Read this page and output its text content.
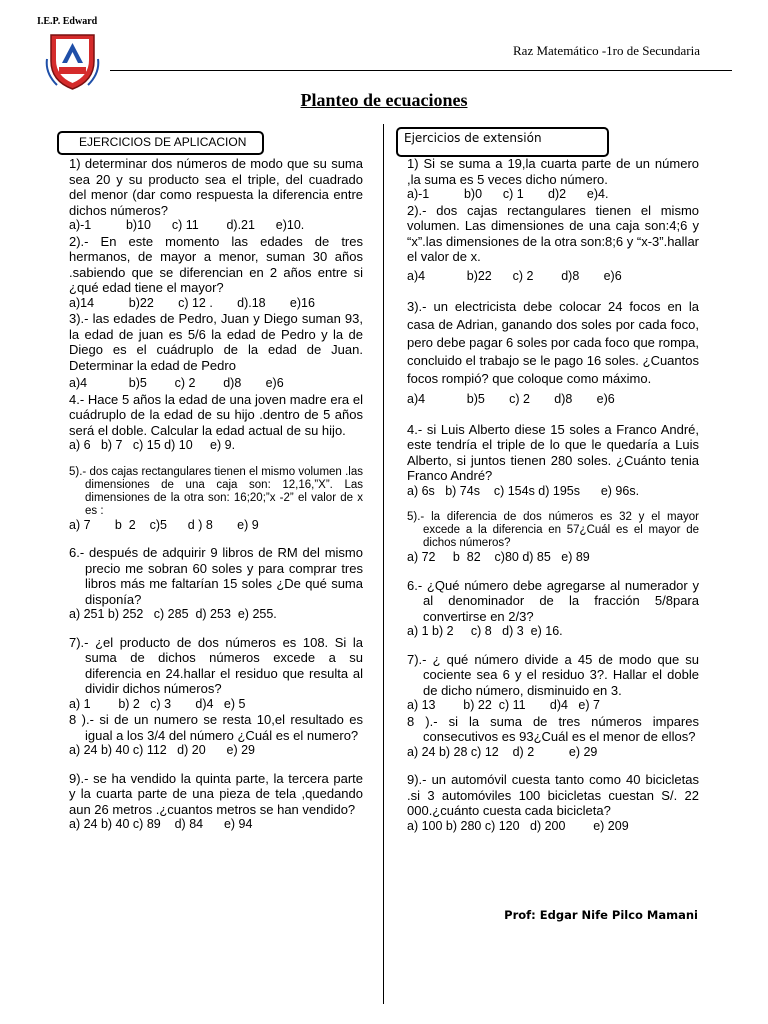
I.E.P. Edward
Raz Matemático -1ro de Secundaria
Planteo de ecuaciones
EJERCICIOS DE APLICACION

1) determinar dos números de modo que su suma sea 20 y su producto sea el triple, del cuadrado del menor (dar como respuesta la diferencia entre dichos números?

a)-1          b)10      c) 11        d).21      e)10.

2).- En este momento las edades de tres hermanos, de mayor a menor, suman 30 años .sabiendo que se diferencian en 2 años entre si ¿qué edad tiene el mayor?

a)14          b)22       c) 12 .       d).18       e)16

3).- las edades de Pedro, Juan y Diego suman 93, la edad de juan es 5/6 la edad de Pedro y la de Diego es el cuádruplo de la edad de Juan. Determinar la edad de Pedro

a)4            b)5        c) 2        d)8       e)6

4.- Hace 5 años la edad de una joven madre era el cuádruplo de la edad de su hijo .dentro de 5 años será el doble. Calcular la edad actual de su hijo.

a) 6   b) 7   c) 15 d) 10     e) 9.

5).- dos cajas rectangulares tienen el mismo volumen .las dimensiones de una caja son: 12,16,”X”. Las dimensiones de la otra son: 16;20;”x -2” el valor de x es :

a) 7       b  2    c)5      d ) 8       e) 9

6.- después de adquirir 9 libros de RM del mismo precio me sobran 60 soles y para comprar tres libros más me faltarían 15 soles ¿De qué suma disponía?

a) 251 b) 252   c) 285  d) 253  e) 255.

7).- ¿el producto de dos números es 108. Si la suma de dichos números excede a su diferencia en 24.hallar el residuo que resulta al dividir dichos números?

a) 1        b) 2   c) 3       d)4   e) 5

8 ).- si de un numero se resta 10,el resultado es igual a los 3/4 del número ¿Cuál es el numero?

a) 24 b) 40 c) 112   d) 20      e) 29

9).- se ha vendido la quinta parte, la tercera parte y la cuarta parte de una pieza de tela ,quedando aun 26 metros .¿cuantos metros se han vendido?

a) 24 b) 40 c) 89    d) 84      e) 94
Ejercicios de extensión

1) Si se suma a 19,la cuarta parte de un número ,la suma es 5 veces dicho número.

a)-1          b)0      c) 1       d)2      e)4.

2).- dos cajas rectangulares tienen el mismo volumen. Las dimensiones de una caja son:4;6 y “x”.las dimensiones de la otra son:8;6 y “x-3”.hallar el valor de x.

a)4            b)22      c) 2        d)8       e)6

3).- un electricista debe colocar 24 focos en la casa de Adrian, ganando dos soles por cada foco, pero debe pagar 6 soles por cada foco que rompa, concluido el trabajo se le pago 16 soles. ¿Cuantos focos rompió? que coloque como máximo.

a)4            b)5       c) 2       d)8       e)6

4.- si Luis Alberto diese 15 soles a Franco André, este tendría el triple de lo que le quedaría a Luis Alberto, si juntos tienen 280 soles. ¿Cuánto tenia Franco André?

a) 6s   b) 74s    c) 154s d) 195s      e) 96s.

5).- la diferencia de dos números es 32 y el mayor excede a la diferencia en 57¿Cuál es el mayor de dichos números?

a) 72     b  82    c)80 d) 85   e) 89

6.- ¿Qué número debe agregarse al numerador y al denominador de la fracción 5/8para convertirse en 2/3?

a) 1 b) 2     c) 8   d) 3  e) 16.

7).- ¿ qué número divide a 45 de modo que su cociente sea 6 y el residuo 3?. Hallar el doble de dicho número, disminuido en 3.

a) 13        b) 22  c) 11       d)4   e) 7

8 ).- si la suma de tres números impares consecutivos es 93¿Cuál es el menor de ellos?

a) 24 b) 28 c) 12    d) 2          e) 29

9).- un automóvil cuesta tanto como 40 bicicletas .si 3 automóviles 100 bicicletas cuestan S/. 22 000.¿cuánto cuesta cada bicicleta?

a) 100 b) 280 c) 120   d) 200        e) 209
Prof: Edgar Nife Pilco Mamani
